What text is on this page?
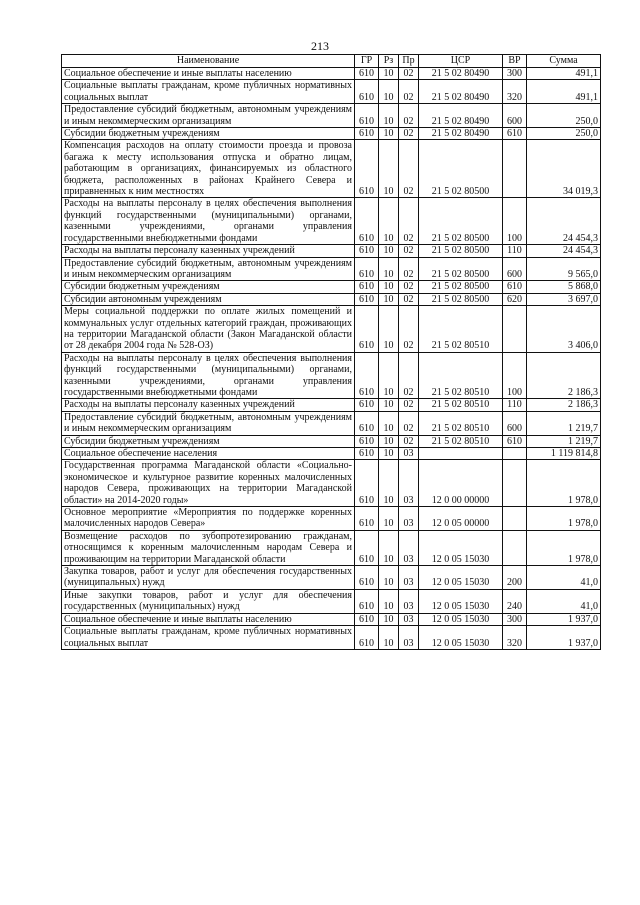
213
Наименование	ГР	Рз	Пр	ЦСР	ВР	Сумма
Социальное обеспечение и иные выплаты населению	610	10	02	21 5 02 80490	300	491,1
Социальные выплаты гражданам, кроме публичных нормативных социальных выплат	610	10	02	21 5 02 80490	320	491,1
Предоставление субсидий бюджетным, автономным учреждениям и иным некоммерческим организациям	610	10	02	21 5 02 80490	600	250,0
Субсидии бюджетным учреждениям	610	10	02	21 5 02 80490	610	250,0
Компенсация расходов на оплату стоимости проезда и провоза багажа к месту использования отпуска и обратно лицам, работающим в организациях, финансируемых из областного бюджета, расположенных в районах Крайнего Севера и приравненных к ним местностях	610	10	02	21 5 02 80500		34 019,3
Расходы на выплаты персоналу в целях обеспечения выполнения функций государственными (муниципальными) органами, казенными учреждениями, органами управления государственными внебюджетными фондами	610	10	02	21 5 02 80500	100	24 454,3
Расходы на выплаты персоналу казенных учреждений	610	10	02	21 5 02 80500	110	24 454,3
Предоставление субсидий бюджетным, автономным учреждениям и иным некоммерческим организациям	610	10	02	21 5 02 80500	600	9 565,0
Субсидии бюджетным учреждениям	610	10	02	21 5 02 80500	610	5 868,0
Субсидии автономным учреждениям	610	10	02	21 5 02 80500	620	3 697,0
Меры социальной поддержки по оплате жилых помещений и коммунальных услуг отдельных категорий граждан, проживающих на территории Магаданской области (Закон Магаданской области от 28 декабря 2004 года № 528-ОЗ)	610	10	02	21 5 02 80510		3 406,0
Расходы на выплаты персоналу в целях обеспечения выполнения функций государственными (муниципальными) органами, казенными учреждениями, органами управления государственными внебюджетными фондами	610	10	02	21 5 02 80510	100	2 186,3
Расходы на выплаты персоналу казенных учреждений	610	10	02	21 5 02 80510	110	2 186,3
Предоставление субсидий бюджетным, автономным учреждениям и иным некоммерческим организациям	610	10	02	21 5 02 80510	600	1 219,7
Субсидии бюджетным учреждениям	610	10	02	21 5 02 80510	610	1 219,7
Социальное обеспечение населения	610	10	03			1 119 814,8
Государственная программа Магаданской области «Социально-экономическое и культурное развитие коренных малочисленных народов Севера, проживающих на территории Магаданской области» на 2014-2020 годы»	610	10	03	12 0 00 00000		1 978,0
Основное мероприятие «Мероприятия по поддержке коренных малочисленных народов Севера»	610	10	03	12 0 05 00000		1 978,0
Возмещение расходов по зубопротезированию гражданам, относящимся к коренным малочисленным народам Севера и проживающим на территории Магаданской области	610	10	03	12 0 05 15030		1 978,0
Закупка товаров, работ и услуг для обеспечения государственных (муниципальных) нужд	610	10	03	12 0 05 15030	200	41,0
Иные закупки товаров, работ и услуг для обеспечения государственных (муниципальных) нужд	610	10	03	12 0 05 15030	240	41,0
Социальное обеспечение и иные выплаты населению	610	10	03	12 0 05 15030	300	1 937,0
Социальные выплаты гражданам, кроме публичных нормативных социальных выплат	610	10	03	12 0 05 15030	320	1 937,0
